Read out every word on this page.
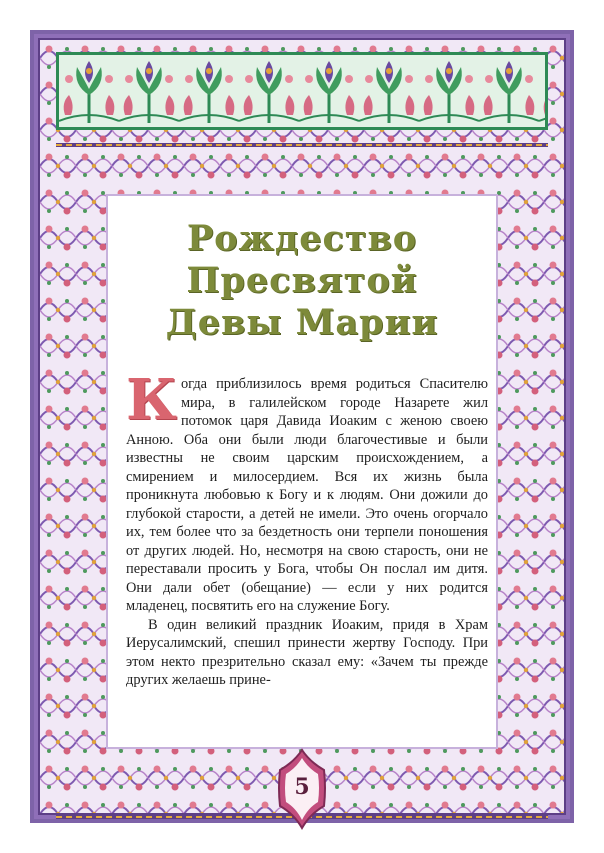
Рождество
Пресвятой
Девы Марии

Когда приблизилось время родиться Спасителю мира, в галилейском городе Назарете жил потомок царя Давида Иоаким с женою своею Анною. Оба они были люди благочестивые и были известны не своим царским происхождением, а смирением и милосердием. Вся их жизнь была проникнута любовью к Богу и к людям. Они дожили до глубокой старости, а детей не имели. Это очень огорчало их, тем более что за бездетность они терпели поношения от других людей. Но, несмотря на свою старость, они не переставали просить у Бога, чтобы Он послал им дитя. Они дали обет (обещание) — если у них родится младенец, посвятить его на служение Богу.

В один великий праздник Иоаким, придя в Храм Иерусалимский, спешил принести жертву Господу. При этом некто презрительно сказал ему: «Зачем ты прежде других желаешь прине-

5
